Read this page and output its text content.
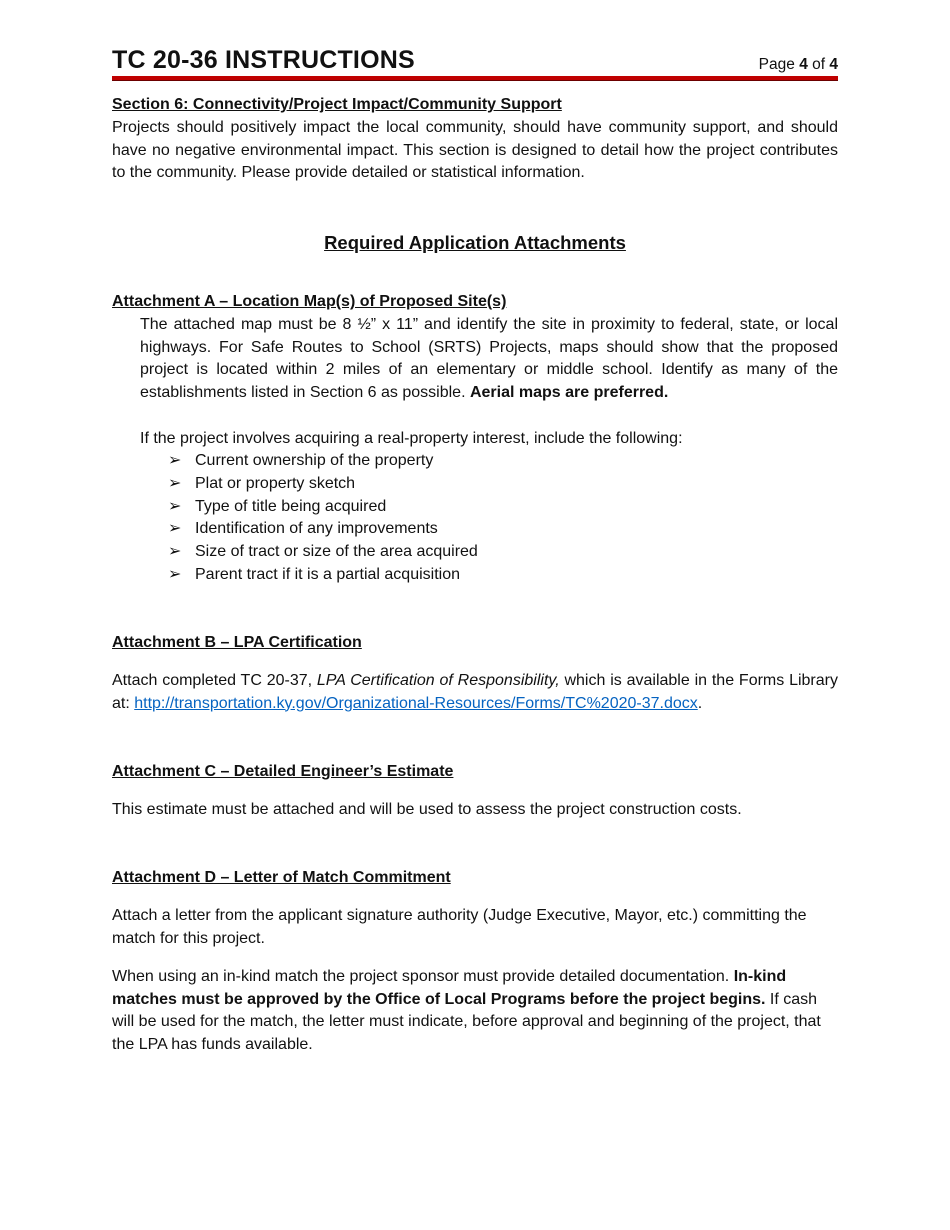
TC 20-36 INSTRUCTIONS	Page 4 of 4
Section 6: Connectivity/Project Impact/Community Support
Projects should positively impact the local community, should have community support, and should have no negative environmental impact. This section is designed to detail how the project contributes to the community. Please provide detailed or statistical information.
Required Application Attachments
Attachment A – Location Map(s) of Proposed Site(s)
The attached map must be 8 ½” x 11” and identify the site in proximity to federal, state, or local highways. For Safe Routes to School (SRTS) Projects, maps should show that the proposed project is located within 2 miles of an elementary or middle school. Identify as many of the establishments listed in Section 6 as possible. Aerial maps are preferred.
If the project involves acquiring a real-property interest, include the following:
➢ Current ownership of the property
➢ Plat or property sketch
➢ Type of title being acquired
➢ Identification of any improvements
➢ Size of tract or size of the area acquired
➢ Parent tract if it is a partial acquisition
Attachment B – LPA Certification
Attach completed TC 20-37, LPA Certification of Responsibility, which is available in the Forms Library at: http://transportation.ky.gov/Organizational-Resources/Forms/TC%2020-37.docx.
Attachment C – Detailed Engineer’s Estimate
This estimate must be attached and will be used to assess the project construction costs.
Attachment D – Letter of Match Commitment
Attach a letter from the applicant signature authority (Judge Executive, Mayor, etc.) committing the match for this project.
When using an in-kind match the project sponsor must provide detailed documentation. In-kind matches must be approved by the Office of Local Programs before the project begins. If cash will be used for the match, the letter must indicate, before approval and beginning of the project, that the LPA has funds available.
